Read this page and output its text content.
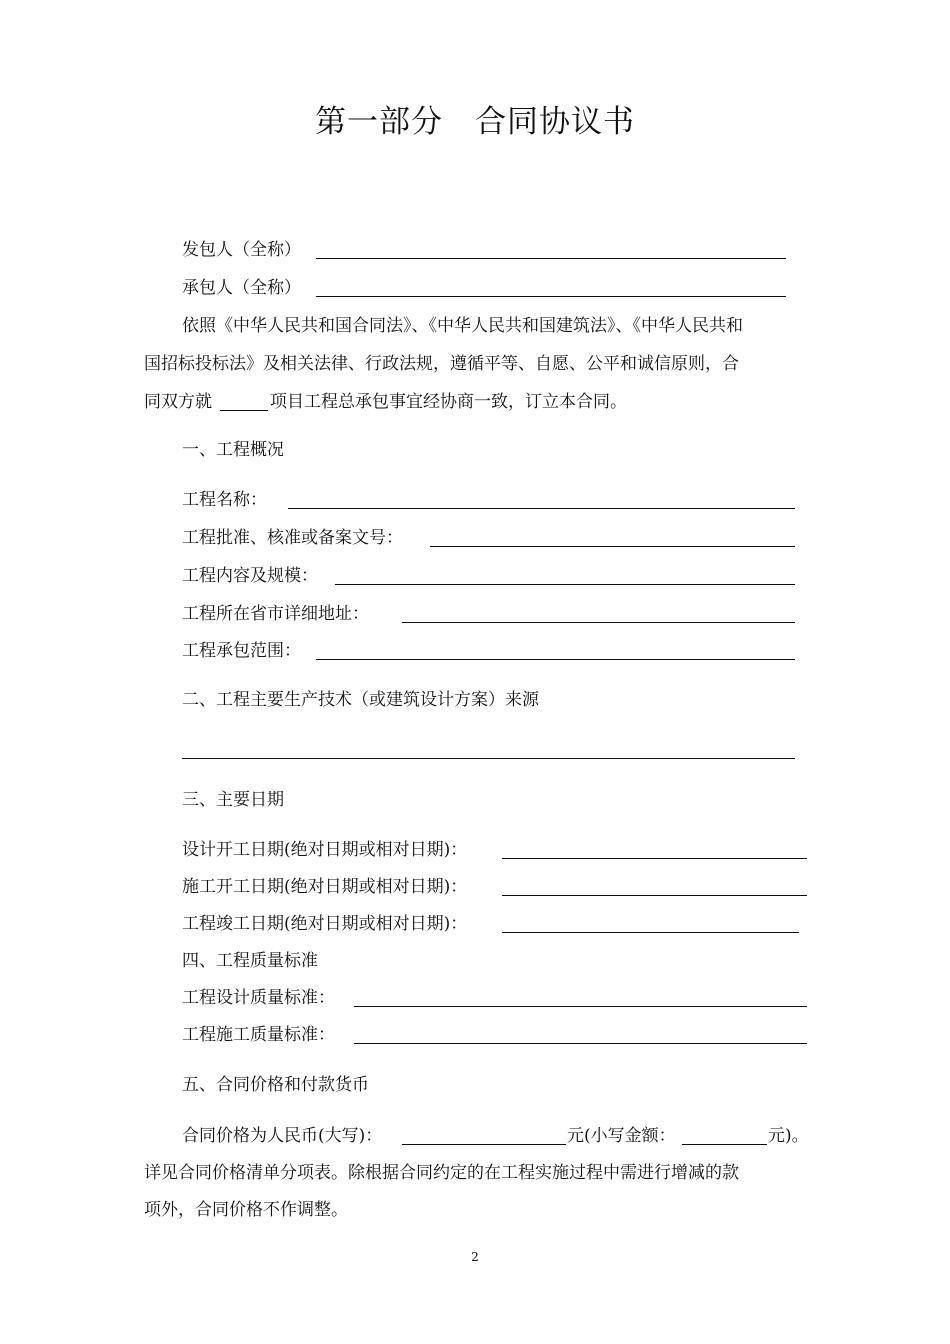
第一部分　合同协议书
发包人（全称）
承包人（全称）
依照《中华人民共和国合同法》、《中华人民共和国建筑法》、《中华人民共和
国招标投标法》及相关法律、行政法规，遵循平等、自愿、公平和诚信原则，合
同双方就	项目工程总承包事宜经协商一致，订立本合同。
一、工程概况
工程名称：
工程批准、核准或备案文号：
工程内容及规模：
工程所在省市详细地址：
工程承包范围：
二、工程主要生产技术（或建筑设计方案）来源
三、主要日期
设计开工日期(绝对日期或相对日期)：
施工开工日期(绝对日期或相对日期)：
工程竣工日期(绝对日期或相对日期)：
四、工程质量标准
工程设计质量标准：
工程施工质量标准：
五、合同价格和付款货币
合同价格为人民币(大写)：	元(小写金额：	元)。
详见合同价格清单分项表。除根据合同约定的在工程实施过程中需进行增减的款
项外，合同价格不作调整。
2
